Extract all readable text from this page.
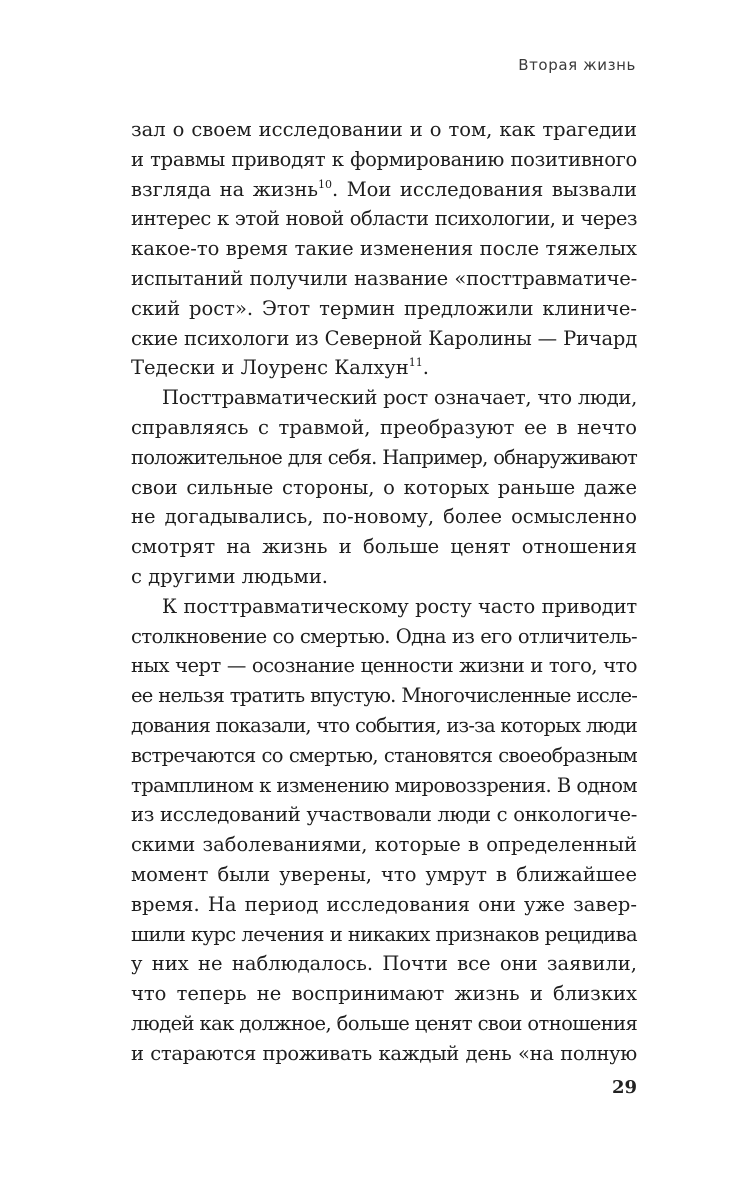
Вторая жизнь
зал о своем исследовании и о том, как трагедии
и травмы приводят к формированию позитивного
взгляда на жизнь$^{10}$. Мои исследования вызвали
интерес к этой новой области психологии, и через
какое-то время такие изменения после тяжелых
испытаний получили название «посттравматиче-
ский рост». Этот термин предложили клиниче-
ские психологи из Северной Каролины — Ричард
Тедески и Лоуренс Калхун$^{11}$.
Посттравматический рост означает, что люди,
справляясь с травмой, преобразуют ее в нечто
положительное для себя. Например, обнаруживают
свои сильные стороны, о которых раньше даже
не догадывались, по-новому, более осмысленно
смотрят на жизнь и больше ценят отношения
с другими людьми.
К посттравматическому росту часто приводит
столкновение со смертью. Одна из его отличитель-
ных черт — осознание ценности жизни и того, что
ее нельзя тратить впустую. Многочисленные иссле-
дования показали, что события, из-за которых люди
встречаются со смертью, становятся своеобразным
трамплином к изменению мировоззрения. В одном
из исследований участвовали люди с онкологиче-
скими заболеваниями, которые в определенный
момент были уверены, что умрут в ближайшее
время. На период исследования они уже завер-
шили курс лечения и никаких признаков рецидива
у них не наблюдалось. Почти все они заявили,
что теперь не воспринимают жизнь и близких
людей как должное, больше ценят свои отношения
и стараются проживать каждый день «на полную
29
